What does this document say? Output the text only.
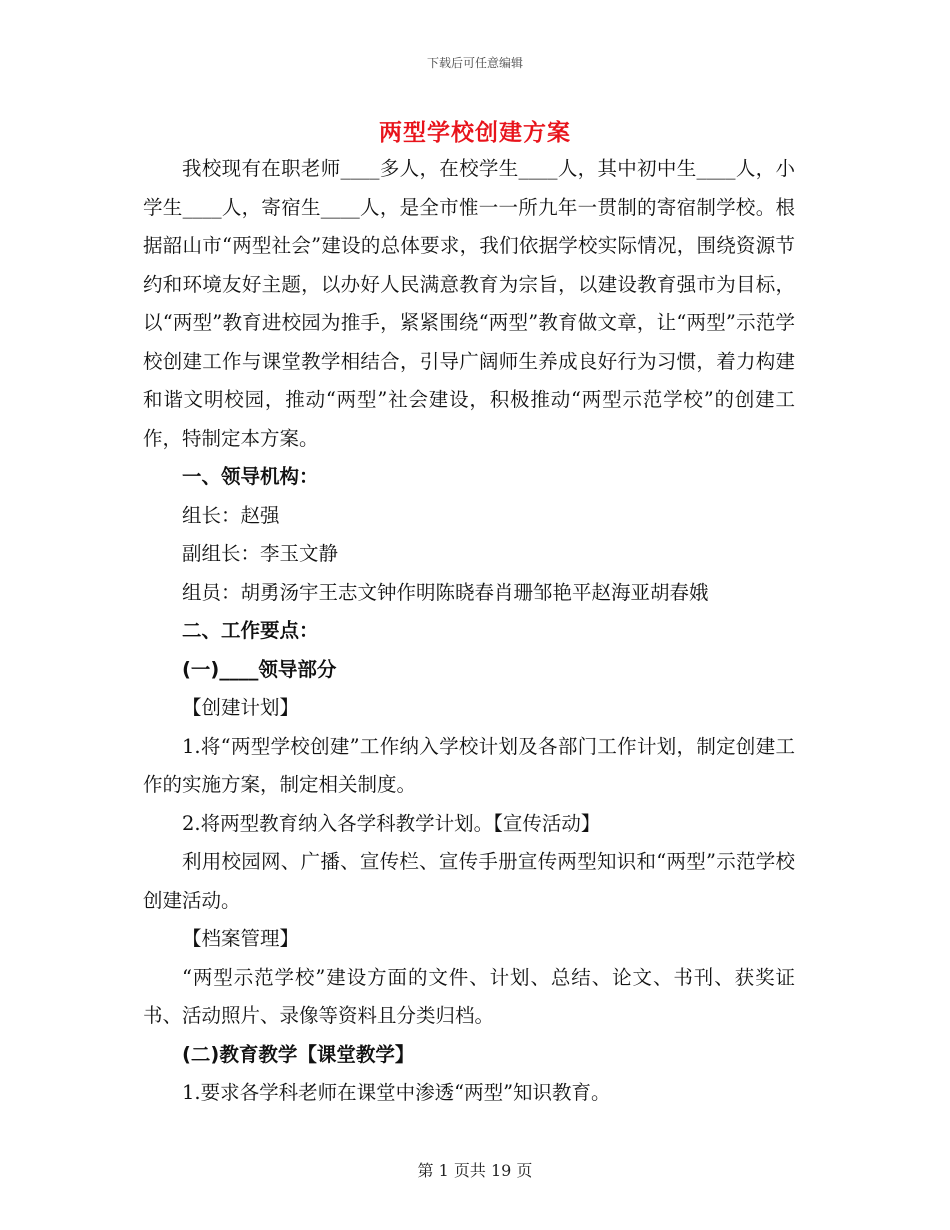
下载后可任意编辑
两型学校创建方案

我校现有在职老师____多人，在校学生____人，其中初中生____人，小学生____人，寄宿生____人，是全市惟一一所九年一贯制的寄宿制学校。根据韶山市“两型社会”建设的总体要求，我们依据学校实际情况，围绕资源节约和环境友好主题，以办好人民满意教育为宗旨，以建设教育强市为目标，以“两型”教育进校园为推手，紧紧围绕“两型”教育做文章，让“两型”示范学校创建工作与课堂教学相结合，引导广阔师生养成良好行为习惯，着力构建和谐文明校园，推动“两型”社会建设，积极推动“两型示范学校”的创建工作，特制定本方案。

一、领导机构：

组长：赵强

副组长：李玉文静

组员：胡勇汤宇王志文钟作明陈晓春肖珊邹艳平赵海亚胡春娥

二、工作要点：

(一)____领导部分

【创建计划】

1.将“两型学校创建”工作纳入学校计划及各部门工作计划，制定创建工作的实施方案，制定相关制度。

2.将两型教育纳入各学科教学计划。【宣传活动】

利用校园网、广播、宣传栏、宣传手册宣传两型知识和“两型”示范学校创建活动。

【档案管理】

“两型示范学校”建设方面的文件、计划、总结、论文、书刊、获奖证书、活动照片、录像等资料且分类归档。

(二)教育教学【课堂教学】

1.要求各学科老师在课堂中渗透“两型”知识教育。

第 1 页共 19 页
